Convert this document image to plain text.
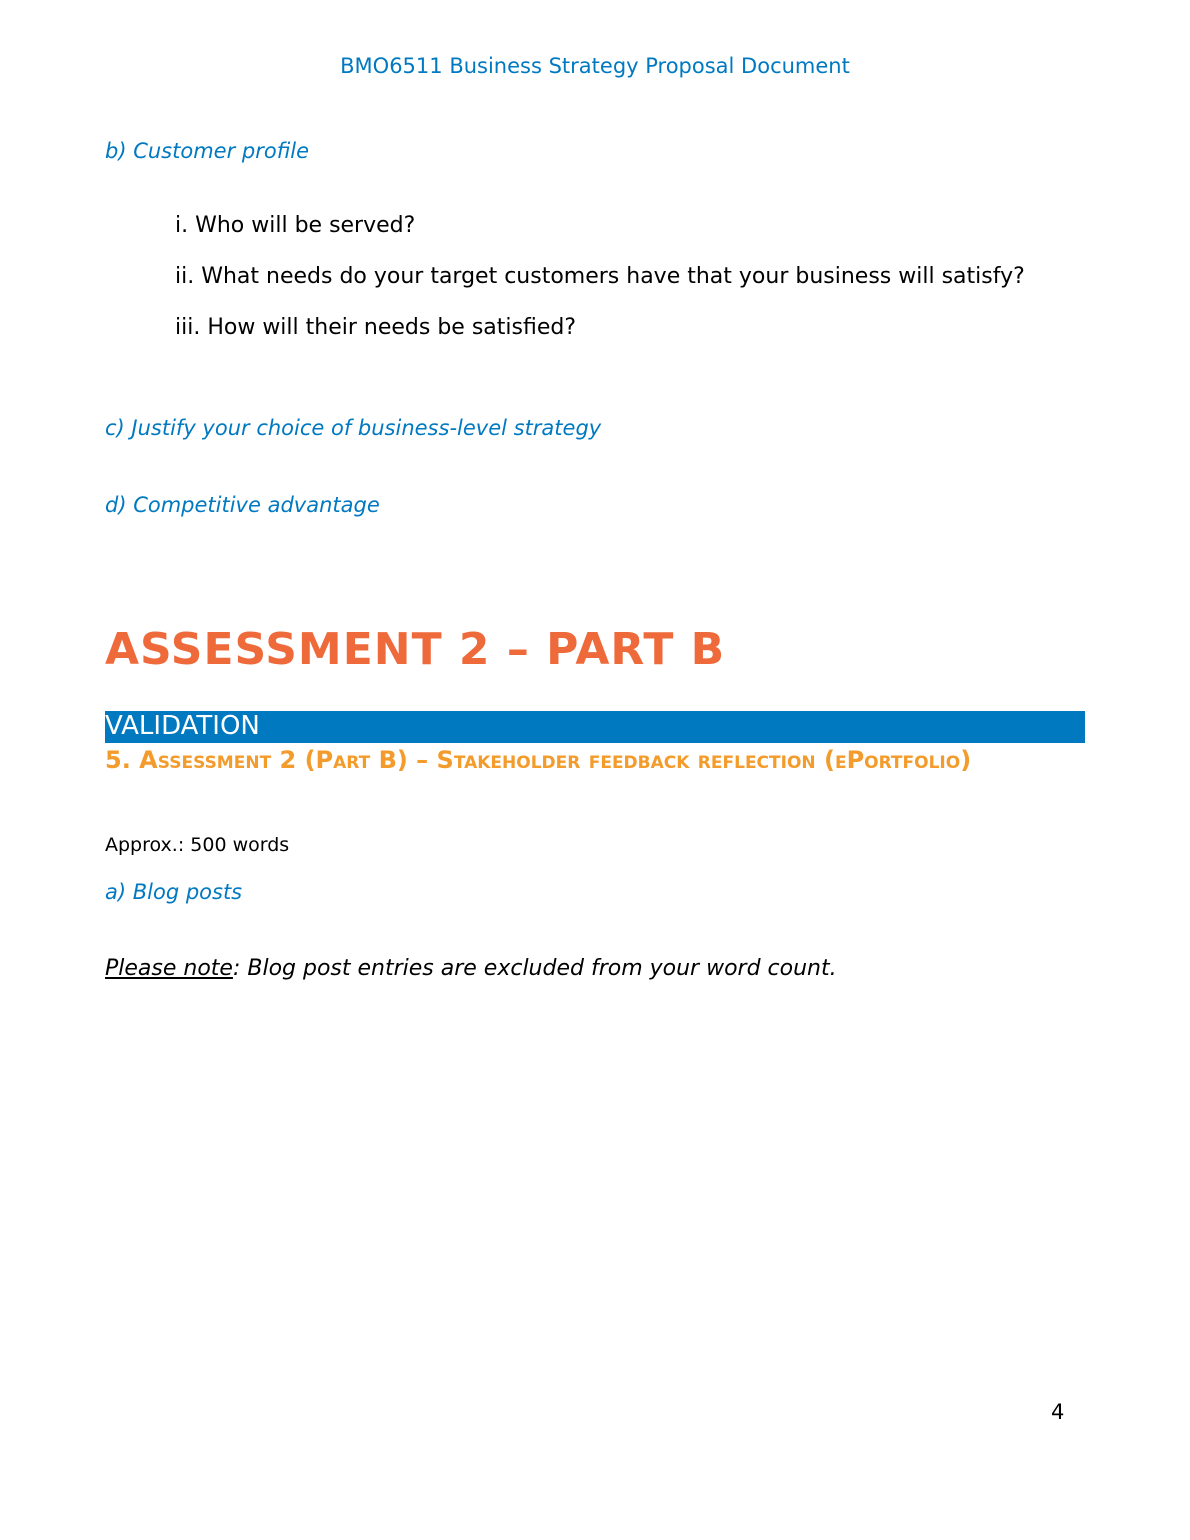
BMO6511 Business Strategy Proposal Document
b) Customer profile
i. Who will be served?
ii. What needs do your target customers have that your business will satisfy?
iii. How will their needs be satisfied?
c) Justify your choice of business-level strategy
d) Competitive advantage
ASSESSMENT 2 – PART B
VALIDATION
5. Assessment 2 (Part B) – Stakeholder feedback reflection (ePortfolio)
Approx.: 500 words
a) Blog posts
Please note: Blog post entries are excluded from your word count.
4
